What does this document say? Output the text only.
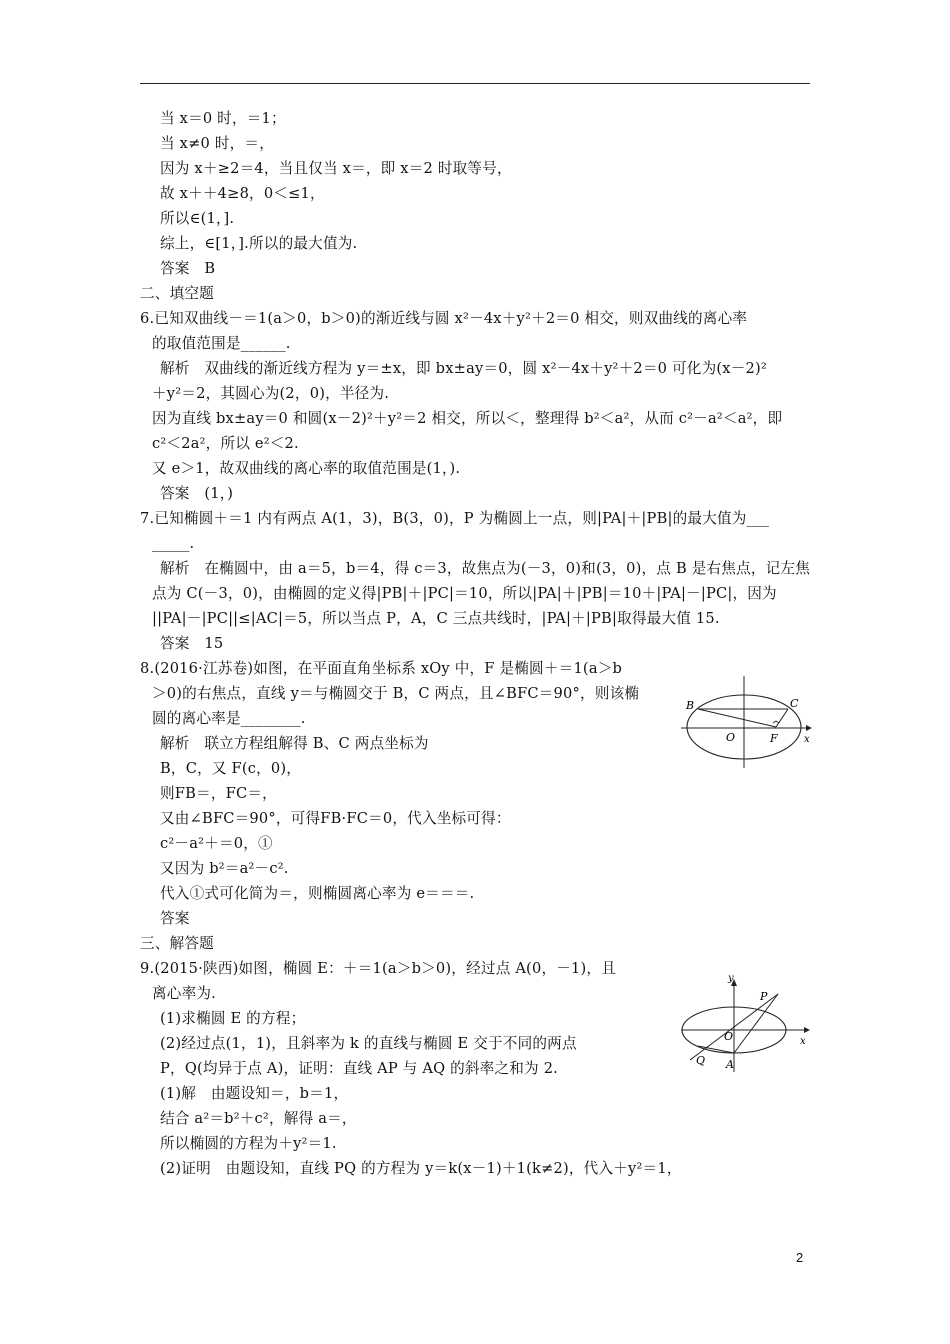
当 x＝0 时，＝1；
当 x≠0 时，＝，
因为 x＋≥2＝4，当且仅当 x＝，即 x＝2 时取等号，
故 x＋＋4≥8，0＜≤1，
所以∈(1，].
综上，∈[1，].所以的最大值为.
答案　B
二、填空题
6.已知双曲线－＝1(a＞0，b＞0)的渐近线与圆 x²－4x＋y²＋2＝0 相交，则双曲线的离心率
的取值范围是______.
解析　双曲线的渐近线方程为 y＝±x，即 bx±ay＝0，圆 x²－4x＋y²＋2＝0 可化为(x－2)²
＋y²＝2，其圆心为(2，0)，半径为.
因为直线 bx±ay＝0 和圆(x－2)²＋y²＝2 相交，所以＜，整理得 b²＜a²，从而 c²－a²＜a²，即
c²＜2a²，所以 e²＜2.
又 e＞1，故双曲线的离心率的取值范围是(1，).
答案　(1，)
7.已知椭圆＋＝1 内有两点 A(1，3)，B(3，0)，P 为椭圆上一点，则|PA|＋|PB|的最大值为___
_____.
解析　在椭圆中，由 a＝5，b＝4，得 c＝3，故焦点为(－3，0)和(3，0)，点 B 是右焦点，记左焦
点为 C(－3，0)，由椭圆的定义得|PB|＋|PC|＝10，所以|PA|＋|PB|＝10＋|PA|－|PC|，因为
||PA|－|PC||≤|AC|＝5，所以当点 P，A，C 三点共线时，|PA|＋|PB|取得最大值 15.
答案　15
8.(2016·江苏卷)如图，在平面直角坐标系 xOy 中，F 是椭圆＋＝1(a＞b
＞0)的右焦点，直线 y＝与椭圆交于 B，C 两点，且∠BFC＝90°，则该椭
圆的离心率是________.
解析　联立方程组解得 B、C 两点坐标为
B，C，又 F(c，0)，
则FB＝，FC＝，
又由∠BFC＝90°，可得FB·FC＝0，代入坐标可得：
c²－a²＋＝0，①
又因为 b²＝a²－c².
代入①式可化简为＝，则椭圆离心率为 e＝＝＝.
答案
三、解答题
9.(2015·陕西)如图，椭圆 E：＋＝1(a＞b＞0)，经过点 A(0，－1)，且
离心率为.
(1)求椭圆 E 的方程；
(2)经过点(1，1)，且斜率为 k 的直线与椭圆 E 交于不同的两点
P，Q(均异于点 A)，证明：直线 AP 与 AQ 的斜率之和为 2.
(1)解　由题设知＝，b＝1，
结合 a²＝b²＋c²，解得 a＝，
所以椭圆的方程为＋y²＝1.
(2)证明　由题设知，直线 PQ 的方程为 y＝k(x－1)＋1(k≠2)，代入＋y²＝1，
B	C
O	F	x
y
P
O
Q A
x
2
